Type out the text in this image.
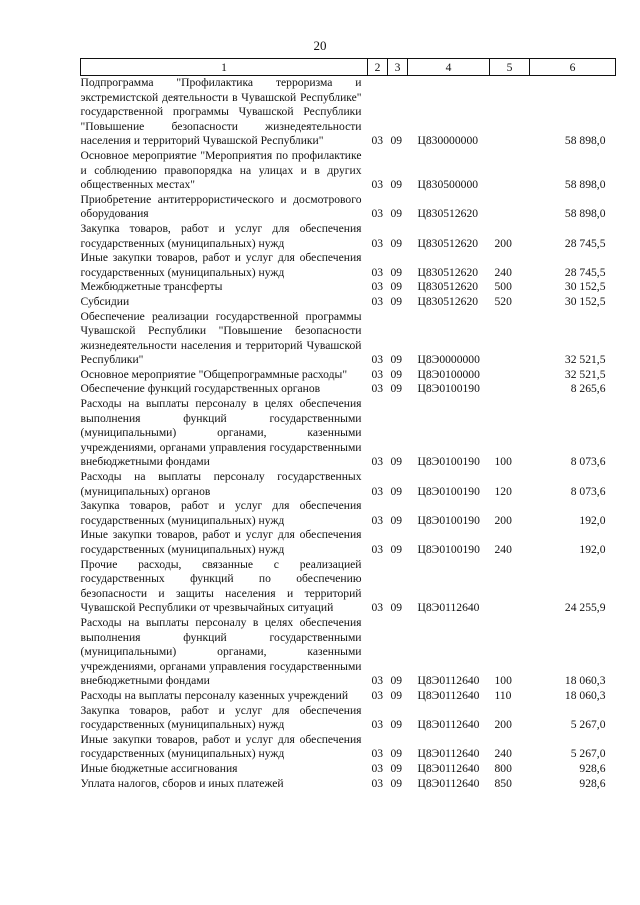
20
1	2	3	4	5	6
Подпрограмма "Профилактика терроризма и экстремистской деятельности в Чувашской Республике" государственной программы Чувашской Республики "Повышение безопасности жизнедеятельности населения и территорий Чувашской Республики"	03	09	Ц830000000		58 898,0
Основное мероприятие "Мероприятия по профилактике и соблюдению правопорядка на улицах и в других общественных местах"	03	09	Ц830500000		58 898,0
Приобретение антитеррористического и досмотрового оборудования	03	09	Ц830512620		58 898,0
Закупка товаров, работ и услуг для обеспечения государственных (муниципальных) нужд	03	09	Ц830512620	200	28 745,5
Иные закупки товаров, работ и услуг для обеспечения государственных (муниципальных) нужд	03	09	Ц830512620	240	28 745,5
Межбюджетные трансферты	03	09	Ц830512620	500	30 152,5
Субсидии	03	09	Ц830512620	520	30 152,5
Обеспечение реализации государственной программы Чувашской Республики "Повышение безопасности жизнедеятельности населения и территорий Чувашской Республики"	03	09	Ц8Э0000000		32 521,5
Основное мероприятие "Общепрограммные расходы"	03	09	Ц8Э0100000		32 521,5
Обеспечение функций государственных органов	03	09	Ц8Э0100190		8 265,6
Расходы на выплаты персоналу в целях обеспечения выполнения функций государственными (муниципальными) органами, казенными учреждениями, органами управления государственными внебюджетными фондами	03	09	Ц8Э0100190	100	8 073,6
Расходы на выплаты персоналу государственных (муниципальных) органов	03	09	Ц8Э0100190	120	8 073,6
Закупка товаров, работ и услуг для обеспечения государственных (муниципальных) нужд	03	09	Ц8Э0100190	200	192,0
Иные закупки товаров, работ и услуг для обеспечения государственных (муниципальных) нужд	03	09	Ц8Э0100190	240	192,0
Прочие расходы, связанные с реализацией государственных функций по обеспечению безопасности и защиты населения и территорий Чувашской Республики от чрезвычайных ситуаций	03	09	Ц8Э0112640		24 255,9
Расходы на выплаты персоналу в целях обеспечения выполнения функций государственными (муниципальными) органами, казенными учреждениями, органами управления государственными внебюджетными фондами	03	09	Ц8Э0112640	100	18 060,3
Расходы на выплаты персоналу казенных учреждений	03	09	Ц8Э0112640	110	18 060,3
Закупка товаров, работ и услуг для обеспечения государственных (муниципальных) нужд	03	09	Ц8Э0112640	200	5 267,0
Иные закупки товаров, работ и услуг для обеспечения государственных (муниципальных) нужд	03	09	Ц8Э0112640	240	5 267,0
Иные бюджетные ассигнования	03	09	Ц8Э0112640	800	928,6
Уплата налогов, сборов и иных платежей	03	09	Ц8Э0112640	850	928,6
